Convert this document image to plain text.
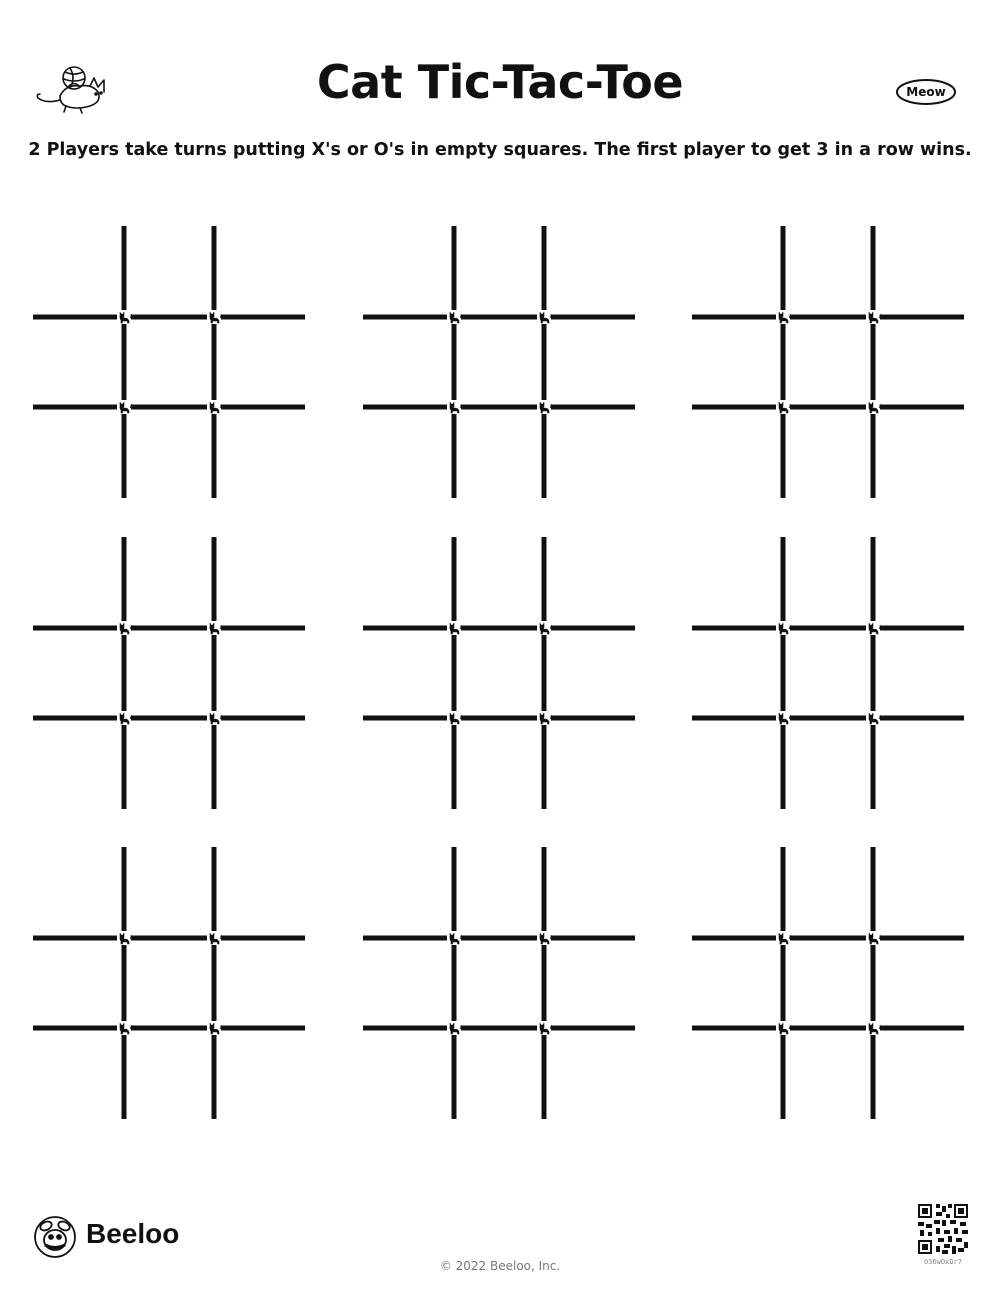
Cat Tic-Tac-Toe

2 Players take turns putting X's or O's in empty squares. The first player to get 3 in a row wins.

Meow
Beeloo
© 2022 Beeloo, Inc.	036wOxDr7
